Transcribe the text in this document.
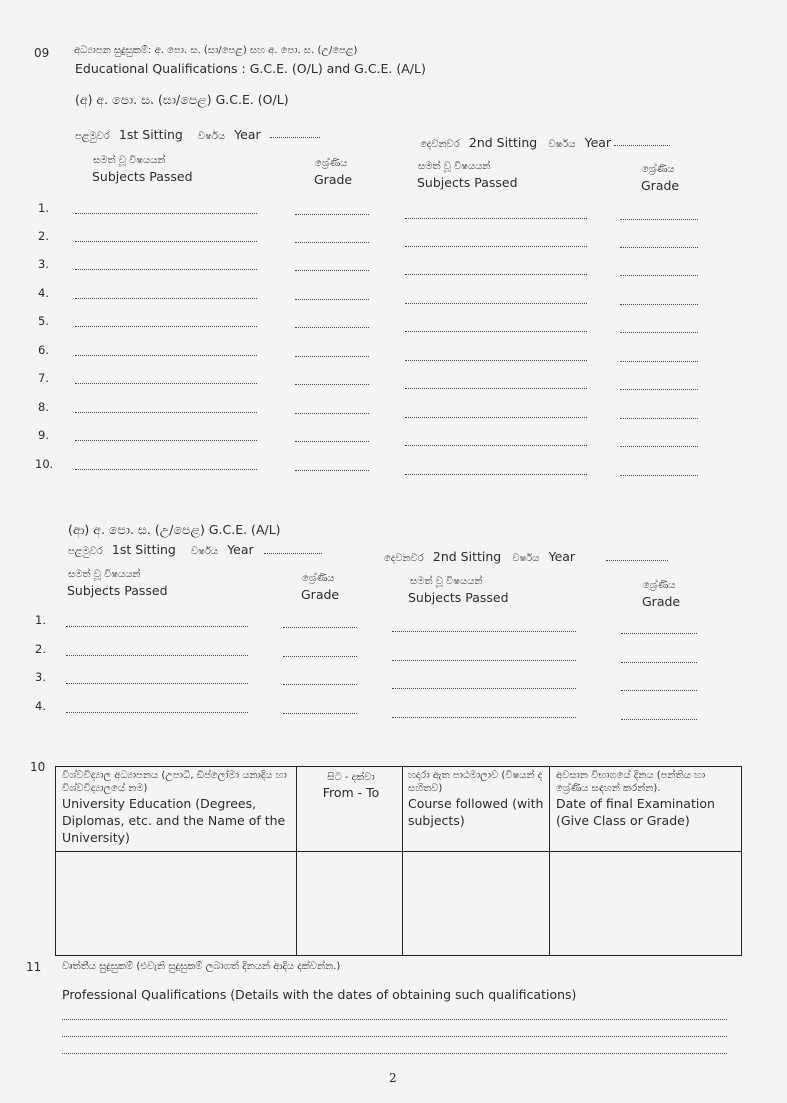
09 අධ්‍යාපන සුදුසුකම්: අ. පො. ස. (සා/පෙළ) සහ අ. පො. ස. (උ/පෙළ)
Educational Qualifications : G.C.E. (O/L) and G.C.E. (A/L)
(අ) අ. පො. ස. (සා/පෙළ) G.C.E. (O/L)
පළමුවර 1st Sitting වර්ෂය Year
දෙවනවර 2nd Sitting වර්ෂය Year
සමත් වූ විෂයයන්
Subjects Passed
ශ්‍රේණිය
Grade
සමත් වූ විෂයයන්
Subjects Passed
ශ්‍රේණිය
Grade
1.
2.
3.
4.
5.
6.
7.
8.
9.
10.
(ආ) අ. පො. ස. (උ/පෙළ) G.C.E. (A/L)
පළමුවර 1st Sitting වර්ෂය Year
දෙවනවර 2nd Sitting වර්ෂය Year
සමත් වූ විෂයයන්
Subjects Passed
ශ්‍රේණිය
Grade
සමත් වූ විෂයයන්
Subjects Passed
ශ්‍රේණිය
Grade
1.
2.
3.
4.
10
විශ්වවිද්‍යාල අධ්‍යාපනය (උපාධි, ඩිප්ලෝමා යනාදිය හා විශ්වවිද්‍යාලයේ නම)
University Education (Degrees, Diplomas, etc. and the Name of the University)
සිට - දක්වා
From - To
හදාරා ඇත පාඨමාලාව (විෂයන් ද සහිතව)
Course followed (with subjects)
අවසාන විභාගයේ දිනය (පන්තිය හා ශ්‍රේණිය සඳහන් කරන්න).
Date of final Examination (Give Class or Grade)
11 වෘත්තීය සුදුසුකම් (එවැනි සුදුසුකම් ලබාගත් දිනයන් ආදිය දක්වන්න.)
Professional Qualifications (Details with the dates of obtaining such qualifications)
2
